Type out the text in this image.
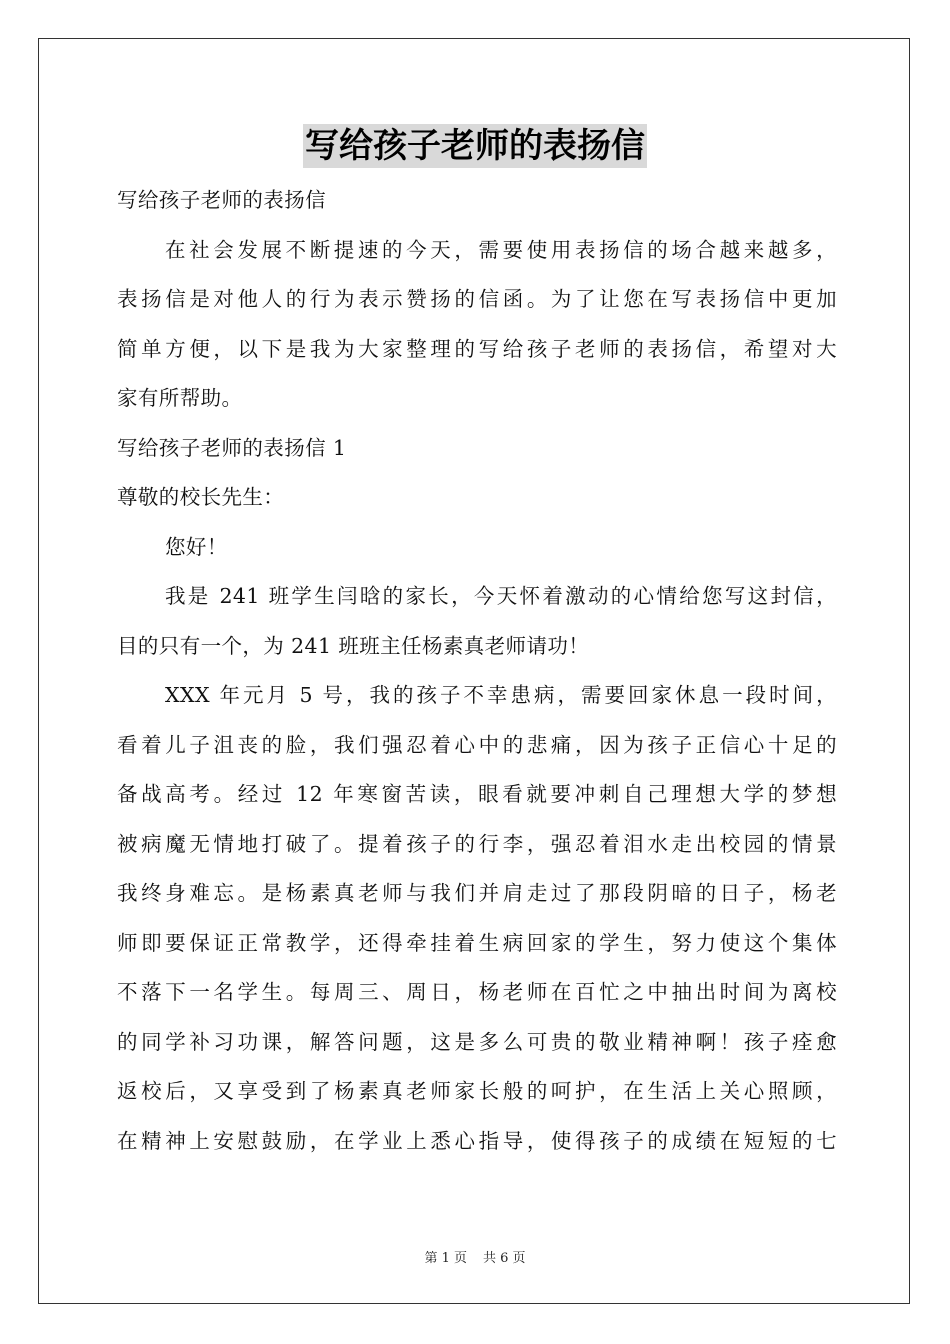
写给孩子老师的表扬信
写给孩子老师的表扬信
在社会发展不断提速的今天，需要使用表扬信的场合越来越多，
表扬信是对他人的行为表示赞扬的信函。为了让您在写表扬信中更加
简单方便，以下是我为大家整理的写给孩子老师的表扬信，希望对大
家有所帮助。
写给孩子老师的表扬信 1
尊敬的校长先生：
您好！
我是 241 班学生闫晗的家长，今天怀着激动的心情给您写这封信，
目的只有一个，为 241 班班主任杨素真老师请功！
XXX 年元月 5 号，我的孩子不幸患病，需要回家休息一段时间，
看着儿子沮丧的脸，我们强忍着心中的悲痛，因为孩子正信心十足的
备战高考。经过 12 年寒窗苦读，眼看就要冲刺自己理想大学的梦想
被病魔无情地打破了。提着孩子的行李，强忍着泪水走出校园的情景
我终身难忘。是杨素真老师与我们并肩走过了那段阴暗的日子，杨老
师即要保证正常教学，还得牵挂着生病回家的学生，努力使这个集体
不落下一名学生。每周三、周日，杨老师在百忙之中抽出时间为离校
的同学补习功课，解答问题，这是多么可贵的敬业精神啊！孩子痊愈
返校后，又享受到了杨素真老师家长般的呵护，在生活上关心照顾，
在精神上安慰鼓励，在学业上悉心指导，使得孩子的成绩在短短的七
第 1 页 共 6 页
